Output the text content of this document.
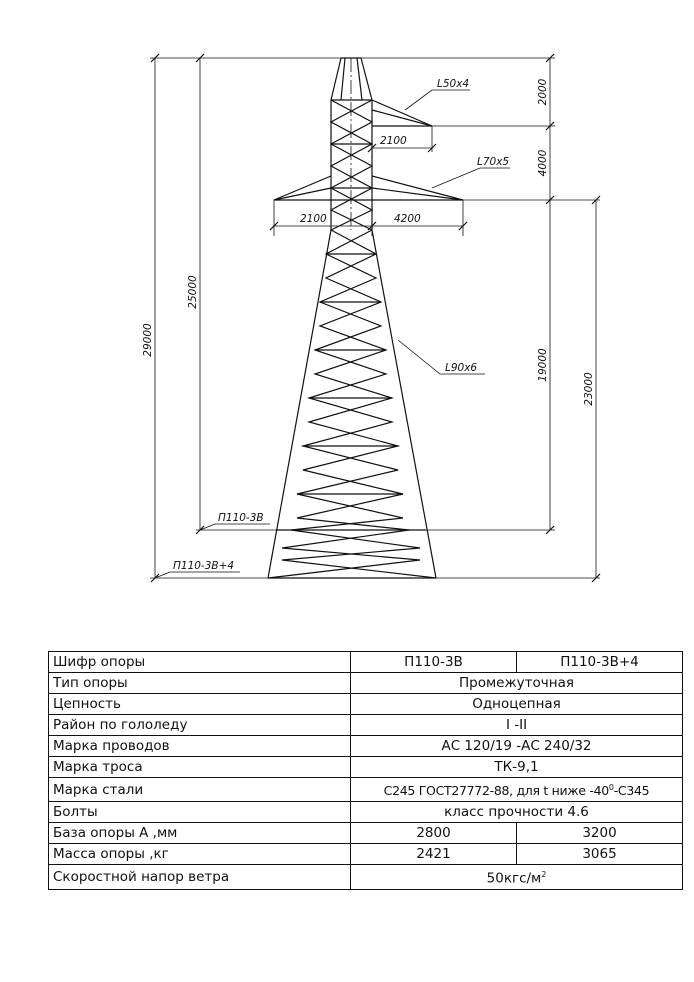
L50x4
L70x5
L90x6
2100
2100	4200
П110-3В
П110-3В+4
29000
25000
2000
4000
19000
23000
Шифр опоры	П110-3В	П110-3В+4
Тип опоры	Промежуточная	
Цепность	Одноцепная	
Район по гололеду	I -II	
Марка проводов	АС 120/19 -АС 240/32	
Марка троса	ТК-9,1	
Марка стали	С245 ГОСТ27772-88, для t ниже $-40^0-С345$	
Болты	класс прочности 4.6	
База опоры А ,мм	2800	3200
Масса опоры ,кг	2421	3065
Скоростной напор ветра	$50кгс/м^2$
